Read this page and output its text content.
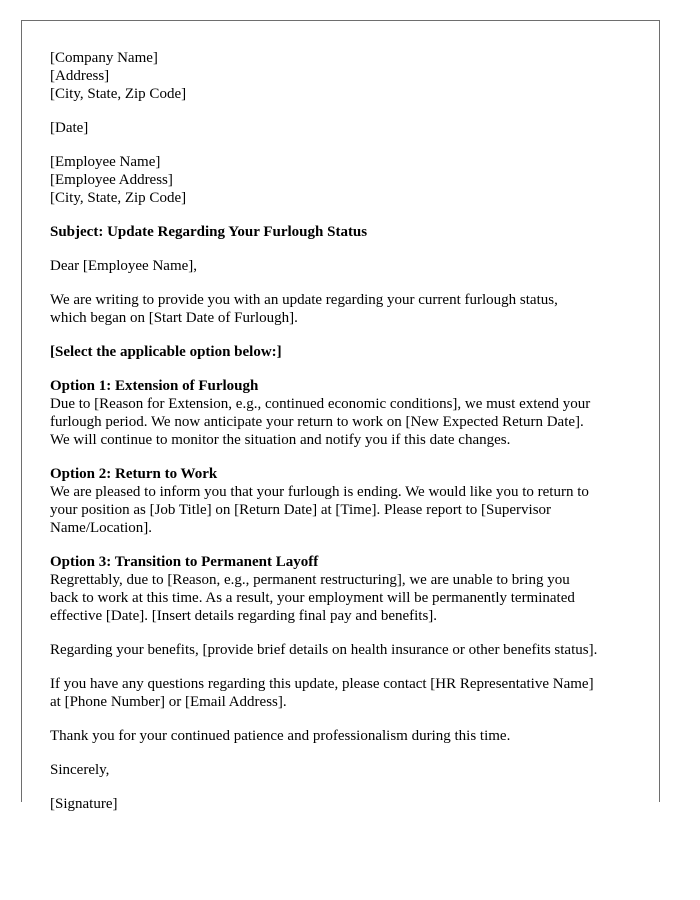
[Company Name]
[Address]
[City, State, Zip Code]

[Date]

[Employee Name]
[Employee Address]
[City, State, Zip Code]

Subject: Update Regarding Your Furlough Status

Dear [Employee Name],

We are writing to provide you with an update regarding your current furlough status,
which began on [Start Date of Furlough].

[Select the applicable option below:]

Option 1: Extension of Furlough
Due to [Reason for Extension, e.g., continued economic conditions], we must extend your
furlough period. We now anticipate your return to work on [New Expected Return Date].
We will continue to monitor the situation and notify you if this date changes.

Option 2: Return to Work
We are pleased to inform you that your furlough is ending. We would like you to return to
your position as [Job Title] on [Return Date] at [Time]. Please report to [Supervisor
Name/Location].

Option 3: Transition to Permanent Layoff
Regrettably, due to [Reason, e.g., permanent restructuring], we are unable to bring you
back to work at this time. As a result, your employment will be permanently terminated
effective [Date]. [Insert details regarding final pay and benefits].

Regarding your benefits, [provide brief details on health insurance or other benefits status].

If you have any questions regarding this update, please contact [HR Representative Name]
at [Phone Number] or [Email Address].

Thank you for your continued patience and professionalism during this time.

Sincerely,

[Signature]
